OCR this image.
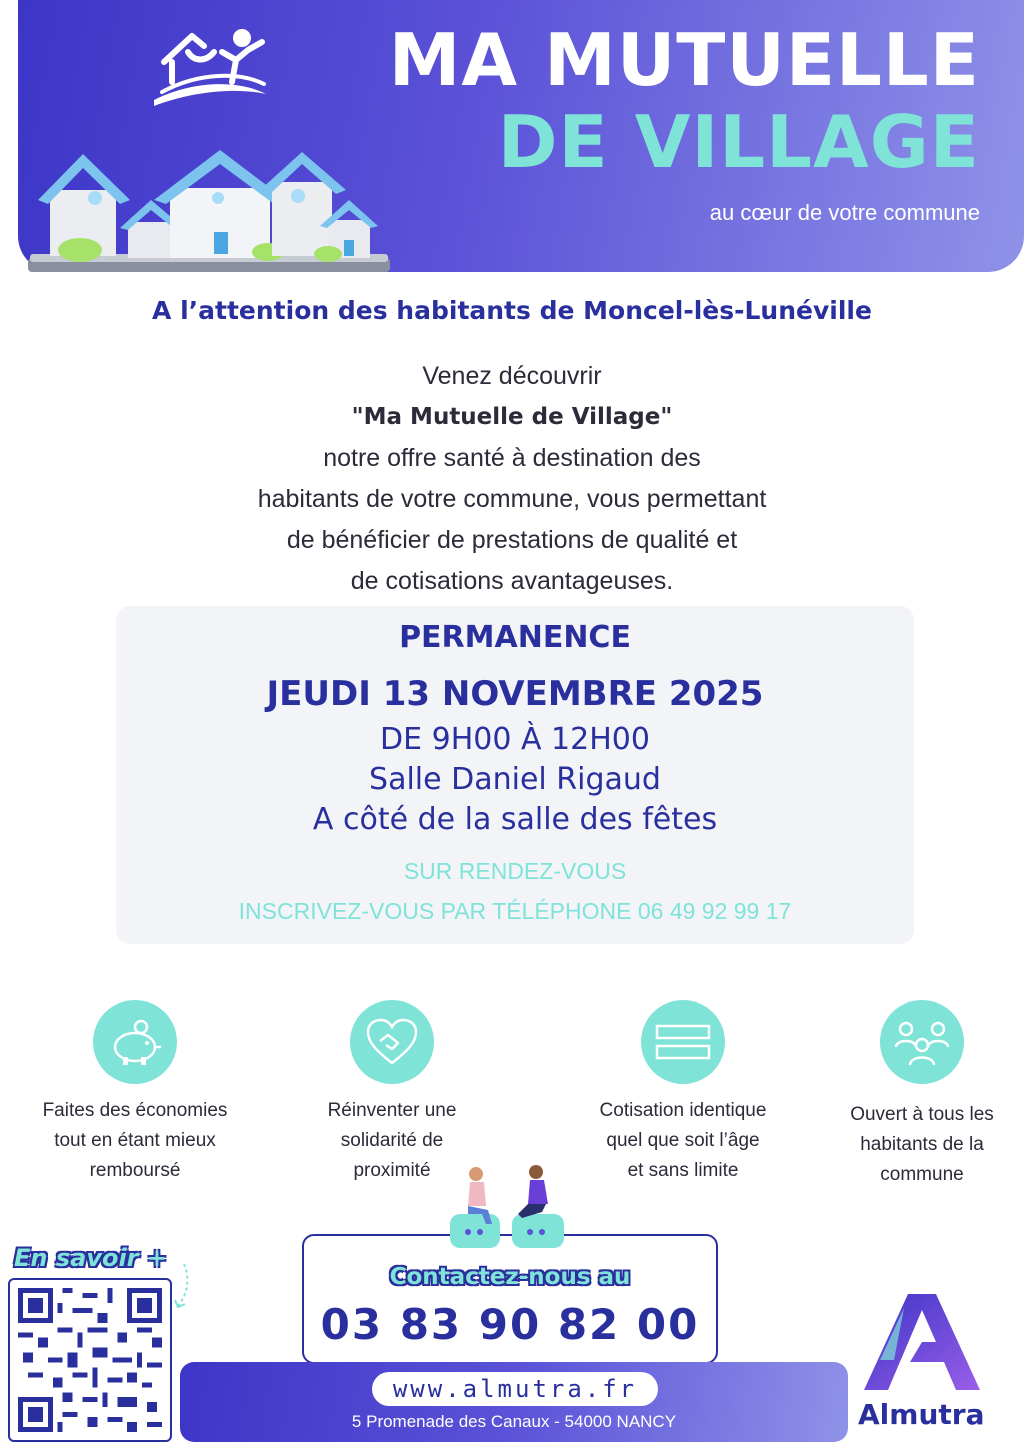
MA MUTUELLE
DE VILLAGE
au cœur de votre commune
A l’attention des habitants de Moncel-lès-Lunéville

Venez découvrir

"Ma Mutuelle de Village"

notre offre santé à destination des

habitants de votre commune, vous permettant

de bénéficier de prestations de qualité et

de cotisations avantageuses.

PERMANENCE
JEUDI 13 NOVEMBRE 2025
DE 9H00 À 12H00
Salle Daniel Rigaud
A côté de la salle des fêtes
SUR RENDEZ-VOUS
INSCRIVEZ-VOUS PAR TÉLÉPHONE 06 49 92 99 17
Faites des économies
tout en étant mieux
remboursé
Réinventer une
solidarité de
proximité
Cotisation identique
quel que soit l’âge
et sans limite
Ouvert à tous les
habitants de la
commune
En savoir +
Contactez-nous au
03 83 90 82 00
www.almutra.fr
5 Promenade des Canaux - 54000 NANCY	Almutra
